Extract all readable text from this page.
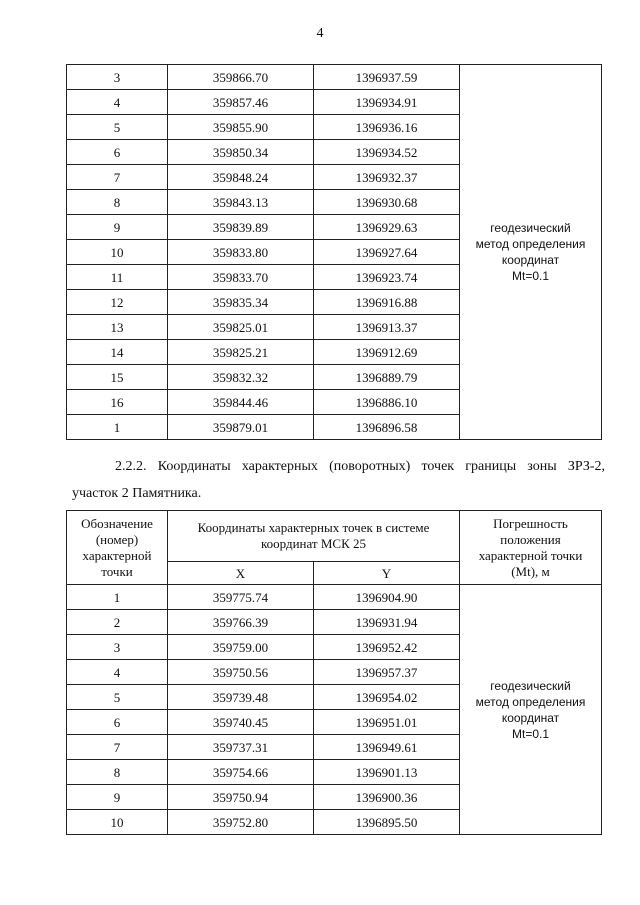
4
3	359866.70	1396937.59	геодезический
метод определения
координат
Mt=0.1

4	359857.46	1396934.91	
5	359855.90	1396936.16	
6	359850.34	1396934.52	
7	359848.24	1396932.37	
8	359843.13	1396930.68	
9	359839.89	1396929.63	
10	359833.80	1396927.64	
11	359833.70	1396923.74	
12	359835.34	1396916.88	
13	359825.01	1396913.37	
14	359825.21	1396912.69	
15	359832.32	1396889.79	
16	359844.46	1396886.10	
1	359879.01	1396896.58	
2.2.2. Координаты характерных (поворотных) точек границы зоны ЗРЗ-2,
участок 2 Памятника.
Обозначение
(номер)
характерной
точки	Координаты характерных точек в системе
координат МСК 25		Погрешность
положения
характерной точки
(Mt), м

	X	Y	
1	359775.74	1396904.90	геодезический
метод определения
координат
Mt=0.1

2	359766.39	1396931.94	
3	359759.00	1396952.42	
4	359750.56	1396957.37	
5	359739.48	1396954.02	
6	359740.45	1396951.01	
7	359737.31	1396949.61	
8	359754.66	1396901.13	
9	359750.94	1396900.36	
10	359752.80	1396895.50	
